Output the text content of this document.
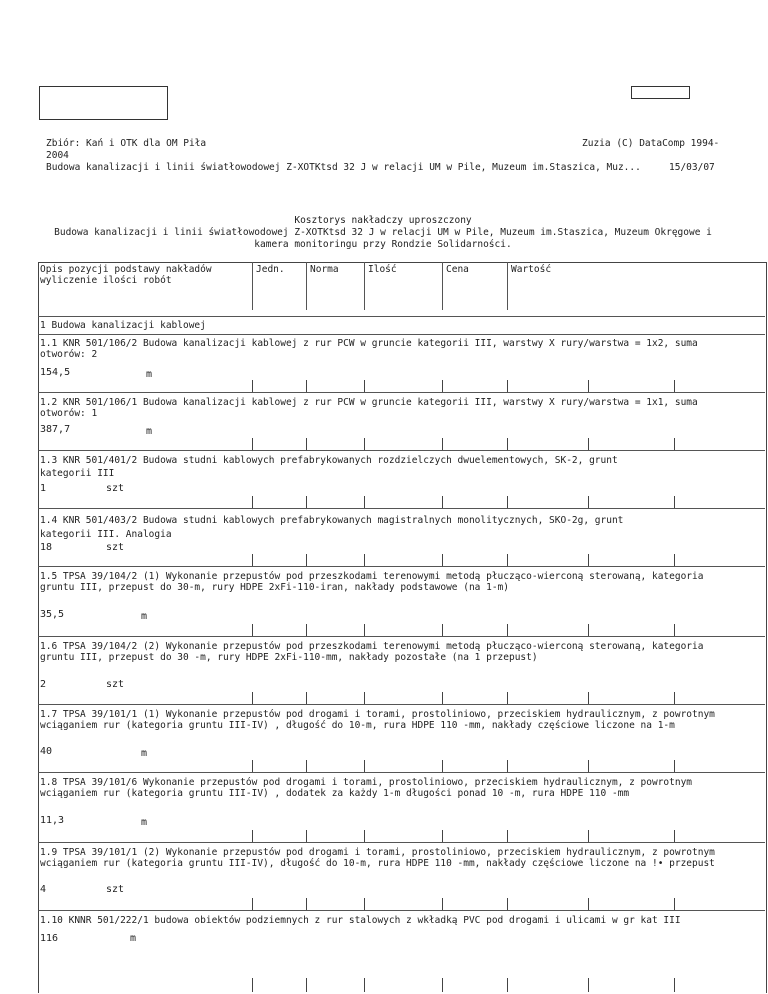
Zbiór: Kań i OTK dla OM Piła	Zuzia (C) DataComp 1994-
2004
Budowa kanalizacji i linii światłowodowej Z-XOTKtsd 32 J w relacji UM w Pile, Muzeum im.Staszica, Muz...	15/03/07
Kosztorys nakładczy uproszczony
Budowa kanalizacji i linii światłowodowej Z-XOTKtsd 32 J w relacji UM w Pile, Muzeum im.Staszica, Muzeum Okręgowe i
kamera monitoringu przy Rondzie Solidarności.
Opis pozycji podstawy nakładów
wyliczenie ilości robót
Jedn.	Norma	Ilość	Cena	Wartość
1 Budowa kanalizacji kablowej
1.1 KNR 501/106/2 Budowa kanalizacji kablowej z rur PCW w gruncie kategorii III, warstwy X rury/warstwa = 1x2, suma
otworów: 2
154,5	m
1.2 KNR 501/106/1 Budowa kanalizacji kablowej z rur PCW w gruncie kategorii III, warstwy X rury/warstwa = 1x1, suma
otworów: 1
387,7	m
1.3 KNR 501/401/2 Budowa studni kablowych prefabrykowanych rozdzielczych dwuelementowych, SK-2, grunt
kategorii III
1	szt
1.4 KNR 501/403/2 Budowa studni kablowych prefabrykowanych magistralnych monolitycznych, SKO-2g, grunt
kategorii III. Analogia
18	szt
1.5 TPSA 39/104/2 (1) Wykonanie przepustów pod przeszkodami terenowymi metodą płucząco-wierconą sterowaną, kategoria
gruntu III, przepust do 30-m, rury HDPE 2xFi-110-iran, nakłady podstawowe (na 1-m)
35,5	m
1.6 TPSA 39/104/2 (2) Wykonanie przepustów pod przeszkodami terenowymi metodą płucząco-wierconą sterowaną, kategoria
gruntu III, przepust do 30 -m, rury HDPE 2xFi-110-mm, nakłady pozostałe (na 1 przepust)
2	szt
1.7 TPSA 39/101/1 (1) Wykonanie przepustów pod drogami i torami, prostoliniowo, przeciskiem hydraulicznym, z powrotnym
wciąganiem rur (kategoria gruntu III-IV) , długość do 10-m, rura HDPE 110 -mm, nakłady częściowe liczone na 1-m
40	m
1.8 TPSA 39/101/6 Wykonanie przepustów pod drogami i torami, prostoliniowo, przeciskiem hydraulicznym, z powrotnym
wciąganiem rur (kategoria gruntu III-IV) , dodatek za każdy 1-m długości ponad 10 -m, rura HDPE 110 -mm
11,3	m
1.9 TPSA 39/101/1 (2) Wykonanie przepustów pod drogami i torami, prostoliniowo, przeciskiem hydraulicznym, z powrotnym
wciąganiem rur (kategoria gruntu III-IV), długość do 10-m, rura HDPE 110 -mm, nakłady częściowe liczone na !• przepust
4	szt
1.10 KNNR 501/222/1 budowa obiektów podziemnych z rur stalowych z wkładką PVC pod drogami i ulicami w gr kat III
116	m
